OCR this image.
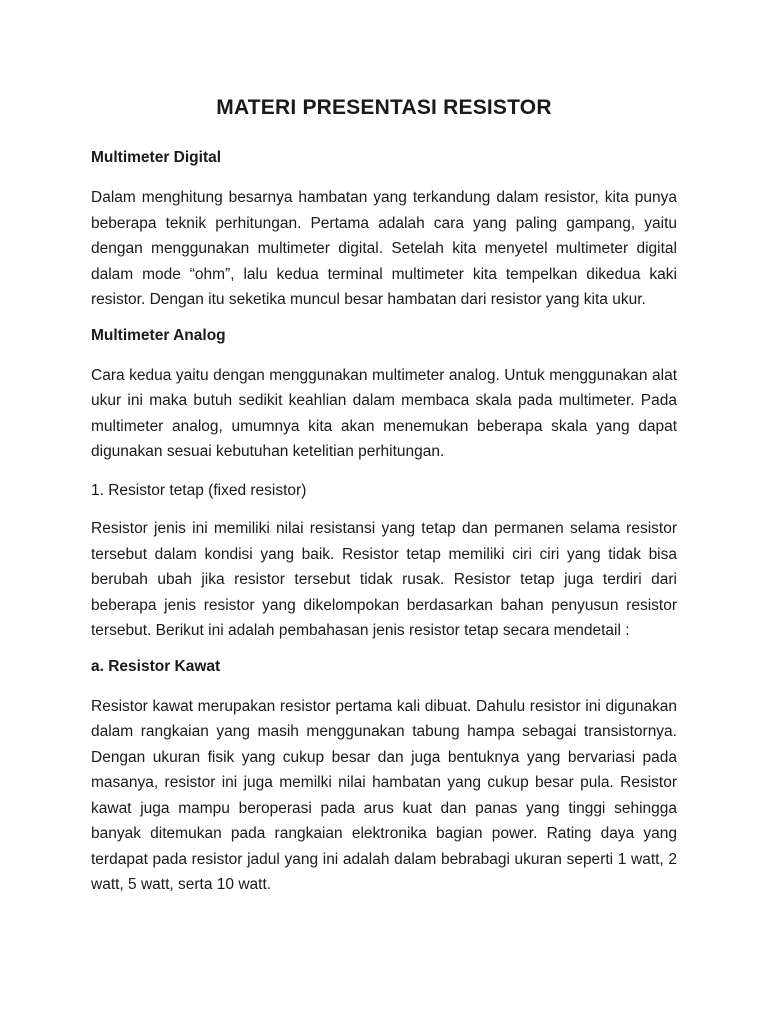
MATERI PRESENTASI RESISTOR
Multimeter Digital

Dalam menghitung besarnya hambatan yang terkandung dalam resistor, kita punya beberapa teknik perhitungan. Pertama adalah cara yang paling gampang, yaitu dengan menggunakan multimeter digital. Setelah kita menyetel multimeter digital dalam mode “ohm”, lalu kedua terminal multimeter kita tempelkan dikedua kaki resistor. Dengan itu seketika muncul besar hambatan dari resistor yang kita ukur.

Multimeter Analog

Cara kedua yaitu dengan menggunakan multimeter analog. Untuk menggunakan alat ukur ini maka butuh sedikit keahlian dalam membaca skala pada multimeter. Pada multimeter analog, umumnya kita akan menemukan beberapa skala yang dapat digunakan sesuai kebutuhan ketelitian perhitungan.

1. Resistor tetap (fixed resistor)

Resistor jenis ini memiliki nilai resistansi yang tetap dan permanen selama resistor tersebut dalam kondisi yang baik. Resistor tetap memiliki ciri ciri yang tidak bisa berubah ubah jika resistor tersebut tidak rusak. Resistor tetap juga terdiri dari beberapa jenis resistor yang dikelompokan berdasarkan bahan penyusun resistor tersebut. Berikut ini adalah pembahasan jenis resistor tetap secara mendetail :

a. Resistor Kawat

Resistor kawat merupakan resistor pertama kali dibuat. Dahulu resistor ini digunakan dalam rangkaian yang masih menggunakan tabung hampa sebagai transistornya. Dengan ukuran fisik yang cukup besar dan juga bentuknya yang bervariasi pada masanya, resistor ini juga memilki nilai hambatan yang cukup besar pula. Resistor kawat juga mampu beroperasi pada arus kuat dan panas yang tinggi sehingga banyak ditemukan pada rangkaian elektronika bagian power. Rating daya yang terdapat pada resistor jadul yang ini adalah dalam bebrabagi ukuran seperti 1 watt, 2 watt, 5 watt, serta 10 watt.
